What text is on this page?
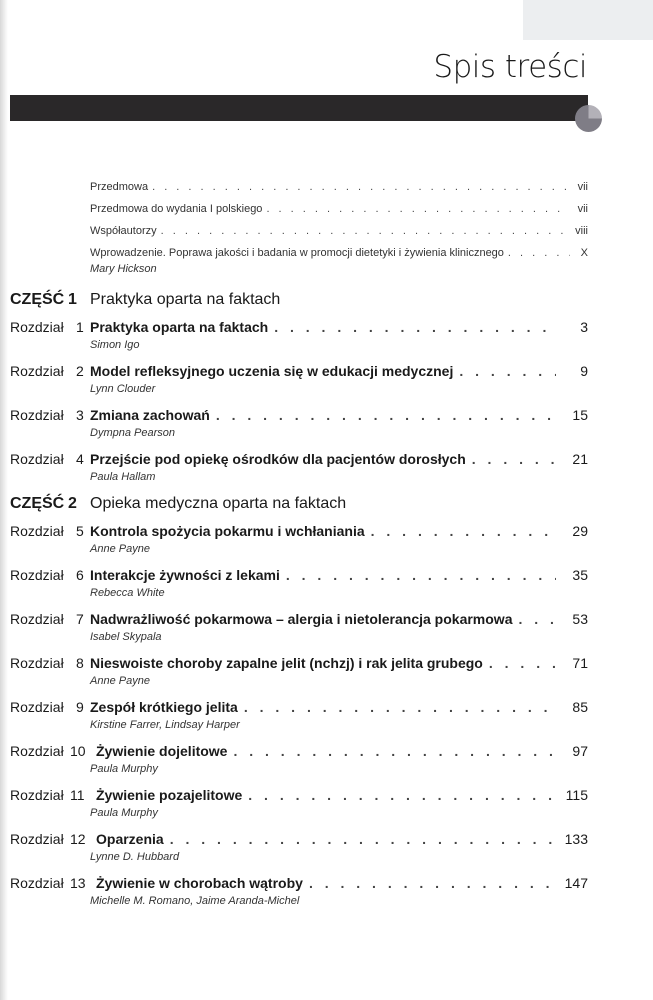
Spis treści
Przedmowa . . .	vii
Przedmowa do wydania I polskiego . . .	vii
Współautorzy . . .	viii
Wprowadzenie. Poprawa jakości i badania w promocji dietetyki i żywienia klinicznego . . .	X
Mary Hickson
CZĘŚĆ 1 Praktyka oparta na faktach
Rozdział 1 Praktyka oparta na faktach . . .	3
Simon Igo
Rozdział 2 Model refleksyjnego uczenia się w edukacji medycznej . . .	9
Lynn Clouder
Rozdział 3 Zmiana zachowań . . .	15
Dympna Pearson
Rozdział 4 Przejście pod opiekę ośrodków dla pacjentów dorosłych . . .	21
Paula Hallam
CZĘŚĆ 2 Opieka medyczna oparta na faktach
Rozdział 5 Kontrola spożycia pokarmu i wchłaniania . . .	29
Anne Payne
Rozdział 6 Interakcje żywności z lekami . . .	35
Rebecca White
Rozdział 7 Nadwrażliwość pokarmowa – alergia i nietolerancja pokarmowa . . .	53
Isabel Skypala
Rozdział 8 Nieswoiste choroby zapalne jelit (nchzj) i rak jelita grubego . . .	71
Anne Payne
Rozdział 9 Zespół krótkiego jelita . . .	85
Kirstine Farrer, Lindsay Harper
Rozdział 10 Żywienie dojelitowe . . .	97
Paula Murphy
Rozdział 11 Żywienie pozajelitowe . . .	115
Paula Murphy
Rozdział 12 Oparzenia . . .	133
Lynne D. Hubbard
Rozdział 13 Żywienie w chorobach wątroby . . .	147
Michelle M. Romano, Jaime Aranda-Michel
